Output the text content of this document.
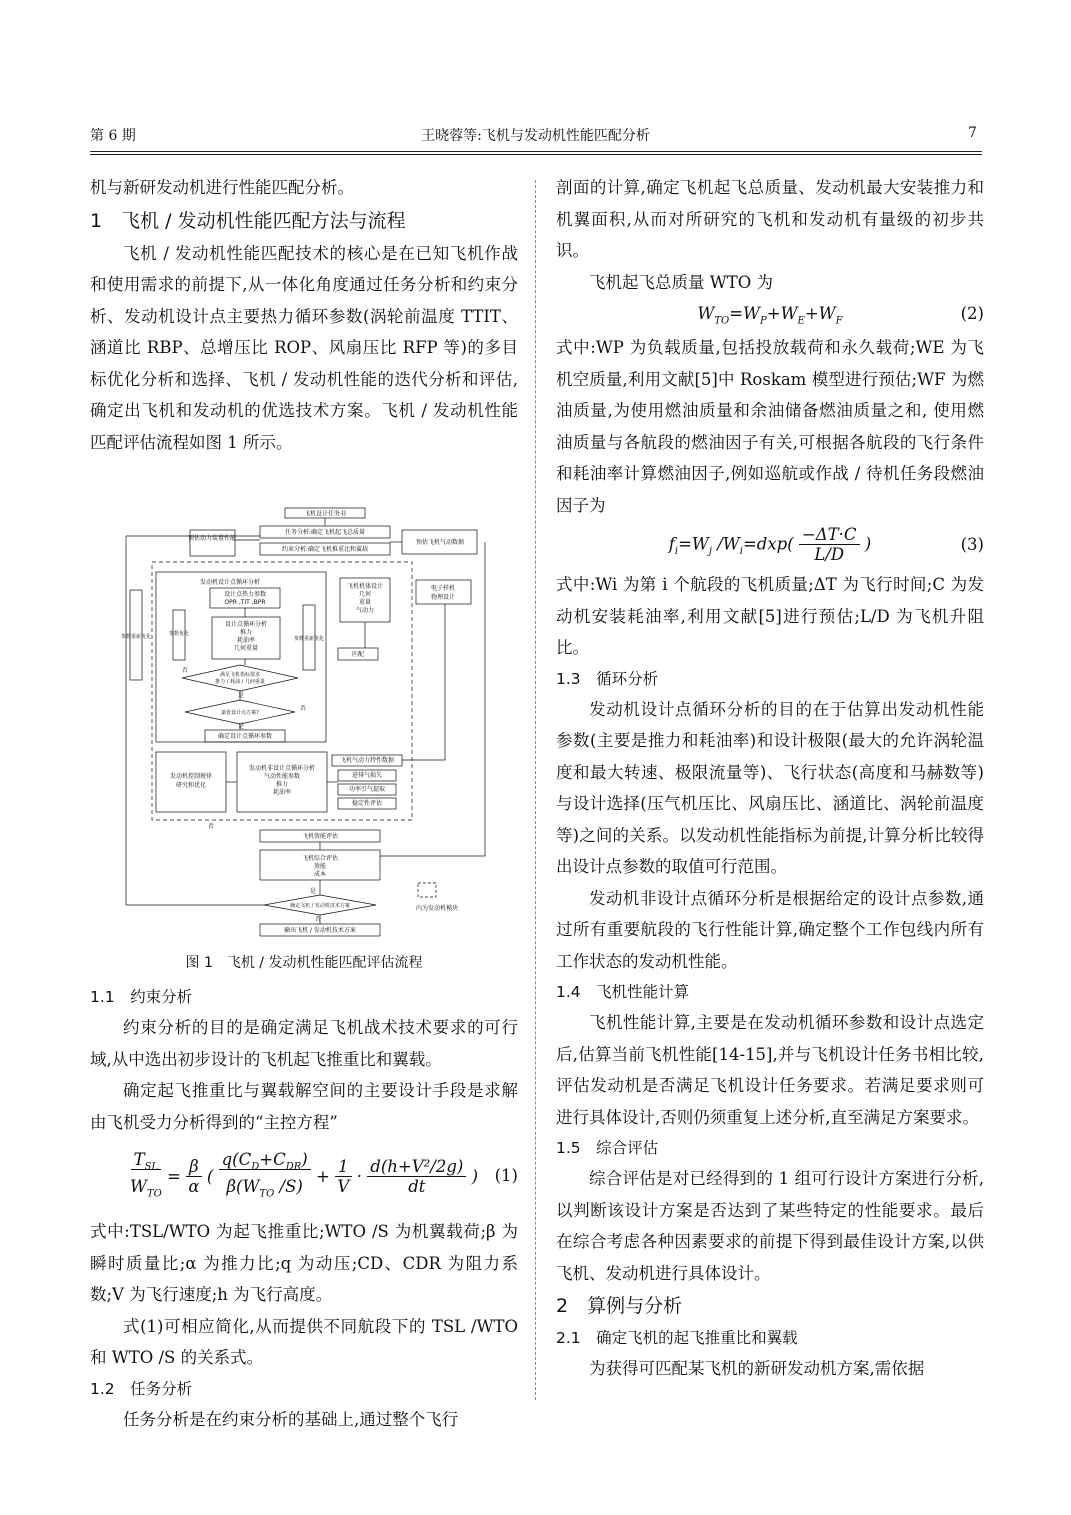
第 6 期	王晓蓉等:飞机与发动机性能匹配分析	7

机与新研发动机进行性能匹配分析。

1　飞机 / 发动机性能匹配方法与流程

飞机 / 发动机性能匹配技术的核心是在已知飞机作战和使用需求的前提下,从一体化角度通过任务分析和约束分析、发动机设计点主要热力循环参数(涡轮前温度 TTIT、涵道比 RBP、总增压比 ROP、风扇压比 RFP 等)的多目标优化分析和选择、飞机 / 发动机性能的迭代分析和评估,确定出飞机和发动机的优选技术方案。飞机 / 发动机性能匹配评估流程如图 1 所示。

飞机设计任务书
任务分析:确定飞机起飞总质量
约束分析:确定飞机推重比和翼载
预估动力装置性能
预估飞机气动数据
发动机设计点循环分析
设计点热力参数
OPR ,TIT ,BPR
设计点循环分析
推力
耗油率
几何重量
参数优化
参数重新优化
参数重新优化
飞机机体设计
几何
重量
气动力
电子样机
物理设计
匹配
满足飞机指标要求
推力 / 耗油 / 几何重量
最优设计点方案?
确定设计点循环参数
否
否
是
是
发动机控制规律
研究和优化
发动机非设计点循环分析
气动性能参数
推力
耗油率
飞机气动力特性数据
进排气损失
功率引气提取
稳定性评估
飞机效能评估
否
飞机综合评估
效能
成本
确定飞机 / 发动机技术方案
是
否
输出飞机 / 发动机技术方案
内为发动机模块
图 1　飞机 / 发动机性能匹配评估流程

1.1　约束分析

约束分析的目的是确定满足飞机战术技术要求的可行域,从中选出初步设计的飞机起飞推重比和翼载。

确定起飞推重比与翼载解空间的主要设计手段是求解由飞机受力分析得到的“主控方程”

$T_{SL}$
$W_{TO} = \beta$
α ( $q(C_D+C_{DR})$
$\beta(W_{TO}$ /S) + 1
V · d(h+V²/2g)
dt )	(1)

式中:TSL/WTO 为起飞推重比;WTO /S 为机翼载荷;β 为瞬时质量比;α 为推力比;q 为动压;CD、CDR 为阻力系数;V 为飞行速度;h 为飞行高度。

式(1)可相应简化,从而提供不同航段下的 TSL /WTO 和 WTO /S 的关系式。

1.2　任务分析

任务分析是在约束分析的基础上,通过整个飞行

剖面的计算,确定飞机起飞总质量、发动机最大安装推力和机翼面积,从而对所研究的飞机和发动机有量级的初步共识。

飞机起飞总质量 WTO 为

$W_{TO}=W_P+W_E+W_F$	(2)

式中:WP 为负载质量,包括投放载荷和永久载荷;WE 为飞机空质量,利用文献[5]中 Roskam 模型进行预估;WF 为燃油质量,为使用燃油质量和余油储备燃油质量之和, 使用燃油质量与各航段的燃油因子有关,可根据各航段的飞行条件和耗油率计算燃油因子,例如巡航或作战 / 待机任务段燃油因子为

$f_i=W_j$ $/W_i=dxp( -\Delta T\cdot C$
L/D )	(3)

式中:Wi 为第 i 个航段的飞机质量;ΔT 为飞行时间;C 为发动机安装耗油率,利用文献[5]进行预估;L/D 为飞机升阻比。

1.3　循环分析

发动机设计点循环分析的目的在于估算出发动机性能参数(主要是推力和耗油率)和设计极限(最大的允许涡轮温度和最大转速、极限流量等)、飞行状态(高度和马赫数等)与设计选择(压气机压比、风扇压比、涵道比、涡轮前温度等)之间的关系。以发动机性能指标为前提,计算分析比较得出设计点参数的取值可行范围。

发动机非设计点循环分析是根据给定的设计点参数,通过所有重要航段的飞行性能计算,确定整个工作包线内所有工作状态的发动机性能。

1.4　飞机性能计算

飞机性能计算,主要是在发动机循环参数和设计点选定后,估算当前飞机性能[14-15],并与飞机设计任务书相比较, 评估发动机是否满足飞机设计任务要求。若满足要求则可进行具体设计,否则仍须重复上述分析,直至满足方案要求。

1.5　综合评估

综合评估是对已经得到的 1 组可行设计方案进行分析,以判断该设计方案是否达到了某些特定的性能要求。最后在综合考虑各种因素要求的前提下得到最佳设计方案,以供飞机、发动机进行具体设计。

2　算例与分析

2.1　确定飞机的起飞推重比和翼载

为获得可匹配某飞机的新研发动机方案,需依据
